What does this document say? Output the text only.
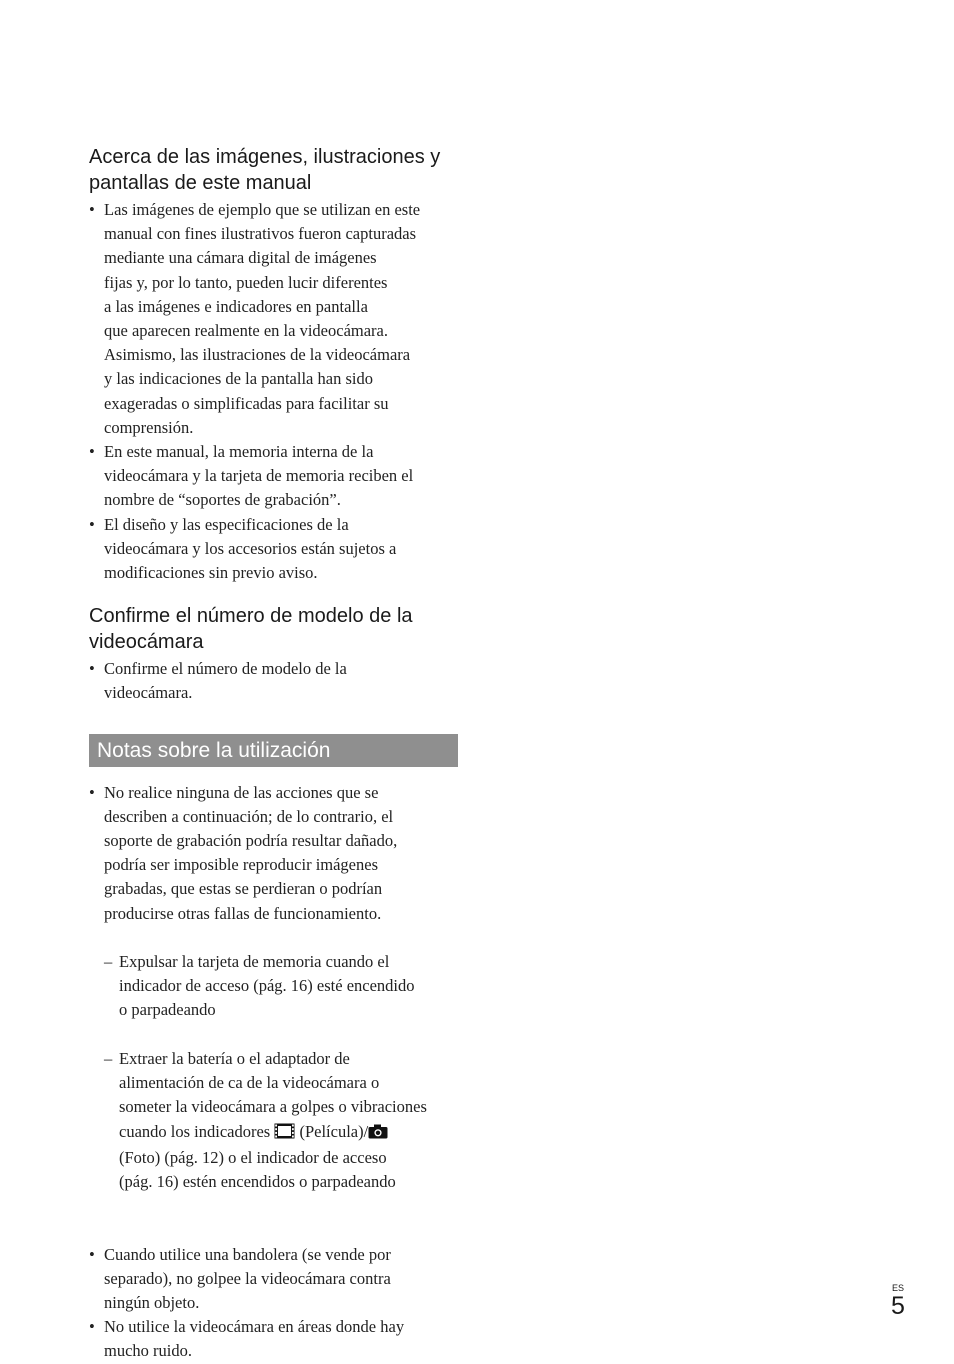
Acerca de las imágenes, ilustraciones y
pantallas de este manual
• Las imágenes de ejemplo que se utilizan en este
manual con fines ilustrativos fueron capturadas
mediante una cámara digital de imágenes
fijas y, por lo tanto, pueden lucir diferentes
a las imágenes e indicadores en pantalla
que aparecen realmente en la videocámara.
Asimismo, las ilustraciones de la videocámara
y las indicaciones de la pantalla han sido
exageradas o simplificadas para facilitar su
comprensión.
• En este manual, la memoria interna de la
videocámara y la tarjeta de memoria reciben el
nombre de “soportes de grabación”.
• El diseño y las especificaciones de la
videocámara y los accesorios están sujetos a
modificaciones sin previo aviso.
Confirme el número de modelo de la
videocámara
• Confirme el número de modelo de la
videocámara.
Notas sobre la utilización
• No realice ninguna de las acciones que se
describen a continuación; de lo contrario, el
soporte de grabación podría resultar dañado,
podría ser imposible reproducir imágenes
grabadas, que estas se perdieran o podrían
producirse otras fallas de funcionamiento.

– Expulsar la tarjeta de memoria cuando el
indicador de acceso (pág. 16) esté encendido
o parpadeando

– Extraer la batería o el adaptador de
alimentación de ca de la videocámara o
someter la videocámara a golpes o vibraciones
cuando los indicadores  (Película)/
(Foto) (pág. 12) o el indicador de acceso
(pág. 16) estén encendidos o parpadeando

• Cuando utilice una bandolera (se vende por
separado), no golpee la videocámara contra
ningún objeto.
• No utilice la videocámara en áreas donde hay
mucho ruido.
ES
5
